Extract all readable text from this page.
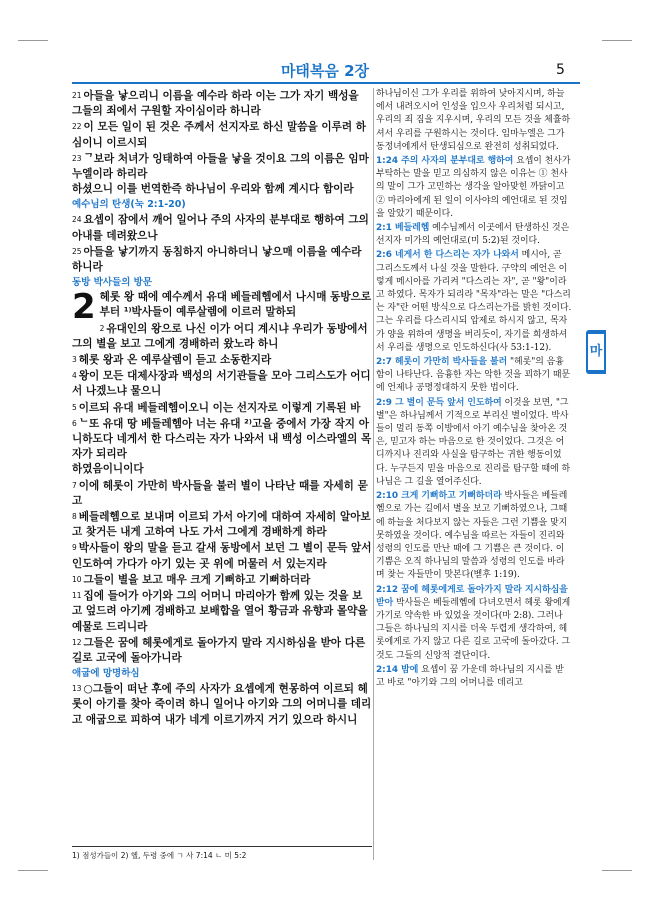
마태복음 2장	5
21 아들을 낳으리니 이름을 예수라 하라 이는 그가 자기 백성을 그들의 죄에서 구원할 자이심이라 하니라
22 이 모든 일이 된 것은 주께서 선지자로 하신 말씀을 이루려 하심이니 이르시되
23 ᄀ보라 처녀가 잉태하여 아들을 낳을 것이요 그의 이름은 임마누엘이라 하리라
하셨으니 이를 번역한즉 하나님이 우리와 함께 계시다 함이라
예수님의 탄생(눅 2:1-20)
24 요셉이 잠에서 깨어 일어나 주의 사자의 분부대로 행하여 그의 아내를 데려왔으나
25 아들을 낳기까지 동침하지 아니하더니 낳으매 이름을 예수라 하니라
동방 박사들의 방문
2 헤롯 왕 때에 예수께서 유대 베들레헴에서 나시매 동방으로부터 ¹⁾박사들이 예루살렘에 이르러 말하되
2 유대인의 왕으로 나신 이가 어디 계시냐 우리가 동방에서 그의 별을 보고 그에게 경배하러 왔노라 하니
3 헤롯 왕과 온 예루살렘이 듣고 소동한지라
4 왕이 모든 대제사장과 백성의 서기관들을 모아 그리스도가 어디서 나겠느냐 물으니
5 이르되 유대 베들레헴이오니 이는 선지자로 이렇게 기록된 바
6 ᄂ또 유대 땅 베들레헴아 너는 유대 ²⁾고을 중에서 가장 작지 아니하도다 네게서 한 다스리는 자가 나와서 내 백성 이스라엘의 목자가 되리라
하였음이니이다
7 이에 헤롯이 가만히 박사들을 불러 별이 나타난 때를 자세히 묻고
8 베들레헴으로 보내며 이르되 가서 아기에 대하여 자세히 알아보고 찾거든 내게 고하여 나도 가서 그에게 경배하게 하라
9 박사들이 왕의 말을 듣고 갈새 동방에서 보던 그 별이 문득 앞서 인도하여 가다가 아기 있는 곳 위에 머물러 서 있는지라
10 그들이 별을 보고 매우 크게 기뻐하고 기뻐하더라
11 집에 들어가 아기와 그의 어머니 마리아가 함께 있는 것을 보고 엎드려 아기께 경배하고 보배합을 열어 황금과 유향과 몰약을 예물로 드리니라
12 그들은 꿈에 헤롯에게로 돌아가지 말라 지시하심을 받아 다른 길로 고국에 돌아가니라
애굽에 망명하심
13 ○그들이 떠난 후에 주의 사자가 요셉에게 현몽하여 이르되 헤롯이 아기를 찾아 죽이려 하니 일어나 아기와 그의 어머니를 데리고 애굽으로 피하여 내가 네게 이르기까지 거기 있으라 하시니
1) 점성가들이 2) 헬, 두령 중에 ㄱ 사 7:14 ㄴ 미 5:2
하나님이신 그가 우리를 위하여 낮아지시며, 하늘에서 내려오시어 인성을 입으사 우리처럼 되시고, 우리의 죄 짐을 지우시며, 우리의 모든 것을 체휼하셔서 우리를 구원하시는 것이다. 임마누엘은 그가 동정녀에게서 탄생되심으로 완전히 성취되었다.
1:24 주의 사자의 분부대로 행하여 요셉이 천사가 부탁하는 말을 믿고 의심하지 않은 이유는 ① 천사의 말이 그가 고민하는 생각을 알아맞힌 까닭이고 ② 마리아에게 된 일이 이사야의 예언대로 된 것임을 알았기 때문이다.
2:1 베들레헴 예수님께서 이곳에서 탄생하신 것은 선지자 미가의 예언대로(미 5:2)된 것이다.
2:6 네게서 한 다스리는 자가 나와서 메시아, 곧 그리스도께서 나실 것을 말한다. 구약의 예언은 이렇게 메시아를 가리켜 "다스리는 자", 곧 "왕"이라고 하였다. 목자가 되리라 "목자"라는 말은 "다스리는 자"란 어떤 방식으로 다스리는가를 밝힌 것이다. 그는 우리를 다스리시되 압제로 하시지 않고, 목자가 양을 위하여 생명을 버리듯이, 자기를 희생하셔서 우리를 생명으로 인도하신다(사 53:1-12).
2:7 헤롯이 가만히 박사들을 불러 "헤롯"의 음흉함이 나타난다. 음흉한 자는 악한 것을 꾀하기 때문에 언제나 공명정대하지 못한 법이다.
2:9 그 별이 문득 앞서 인도하여 이것을 보면, "그 별"은 하나님께서 기적으로 부리신 별이었다. 박사들이 멀리 동쪽 이방에서 아기 예수님을 찾아온 것은, 믿고자 하는 마음으로 한 것이었다. 그것은 어디까지나 진리와 사실을 탐구하는 귀한 행동이었다. 누구든지 믿을 마음으로 진리를 탐구할 때에 하나님은 그 길을 열어주신다.
2:10 크게 기뻐하고 기뻐하더라 박사들은 베들레헴으로 가는 길에서 별을 보고 기뻐하였으나, 그때에 하늘을 처다보지 않는 자들은 그런 기쁨을 맞지 못하였을 것이다. 예수님을 따르는 자들이 진리와 성령의 인도를 만난 때에 그 기쁨은 큰 것이다. 이 기쁨은 오직 하나님의 말씀과 성령의 인도를 바라며 찾는 자들만이 맛본다(벧후 1:19).
2:12 꿈에 헤롯에게로 돌아가지 말라 지시하심을 받아 박사들은 베들레헴에 다녀오면서 헤롯 왕에게 가기로 약속한 바 있었을 것이다(마 2:8). 그러나 그들은 하나님의 지시를 더욱 두렵게 생각하여, 헤롯에게로 가지 않고 다른 길로 고국에 돌아갔다. 그것도 그들의 신앙적 결단이다.
2:14 밤에 요셉이 꿈 가운데 하나님의 지시를 받고 바로 "아기와 그의 어머니를 데리고
마
